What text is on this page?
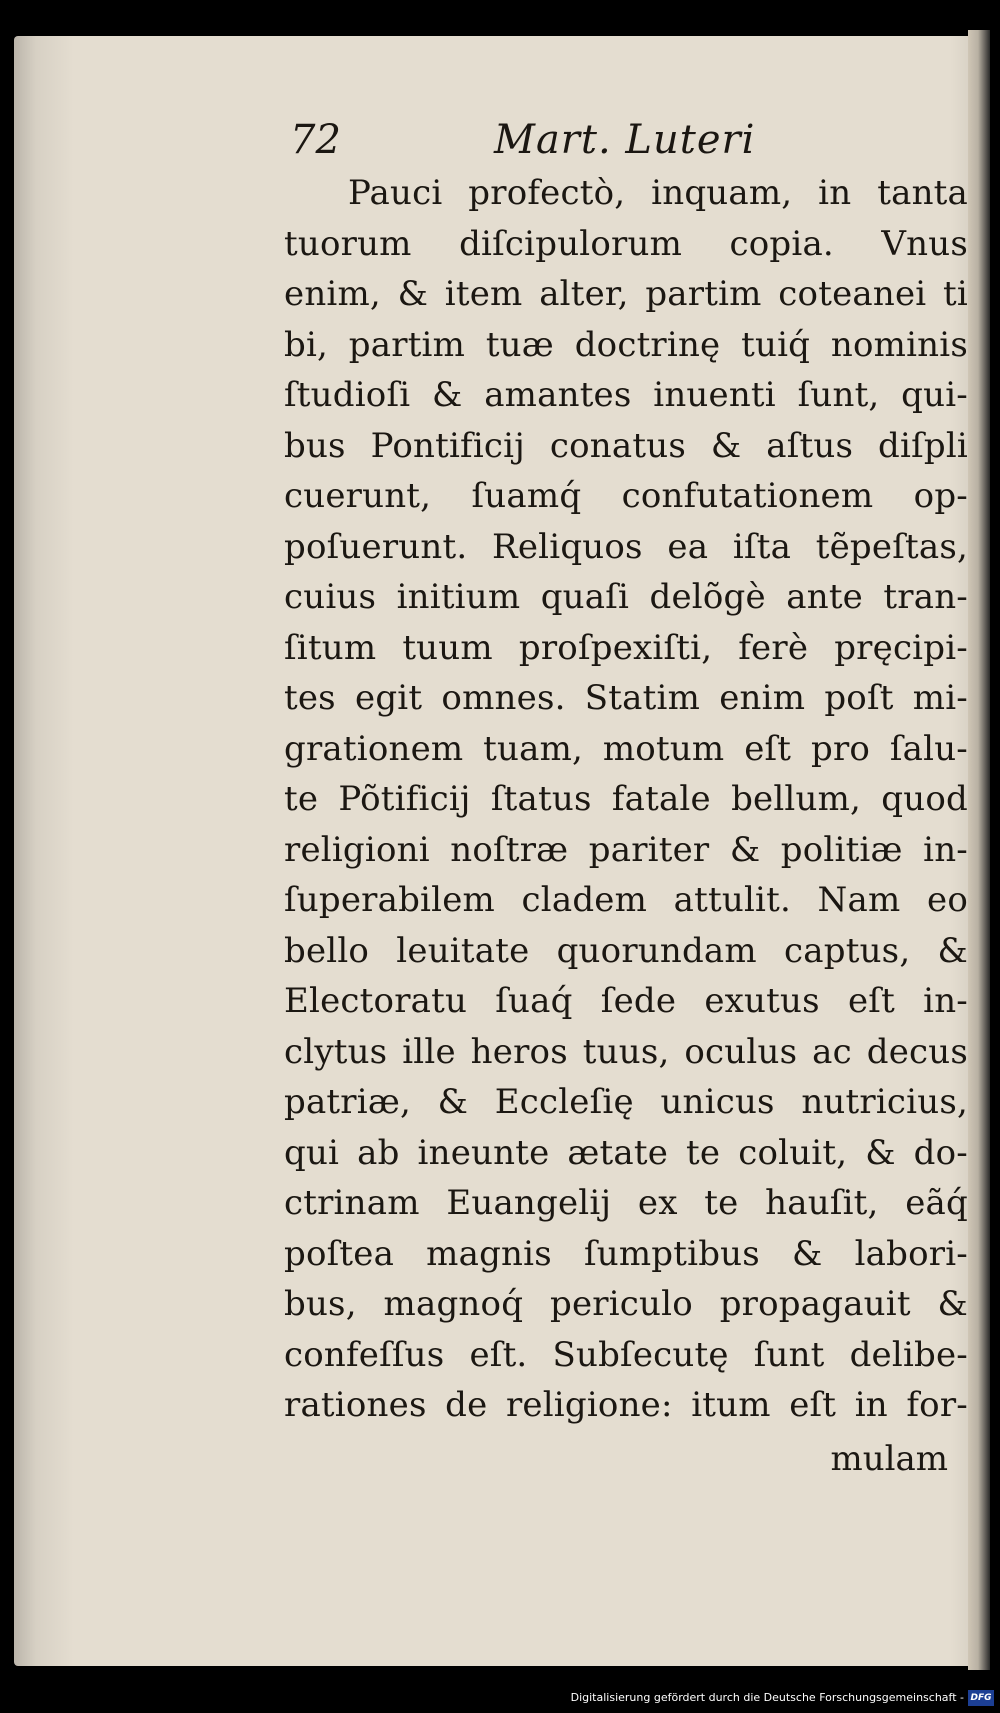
72	Mart. Luteri
Pauci profectò, inquam, in tanta
tuorum diſcipulorum copia. Vnus
enim, & item alter, partim coteanei ti
bi, partim tuæ doctrinę tuiq́ nominis
ſtudioſi & amantes inuenti ſunt, qui-
bus Pontificij conatus & aſtus diſpli
cuerunt, ſuamq́ confutationem op-
poſuerunt. Reliquos ea iſta tẽpeſtas,
cuius initium quaſi delõgè ante tran-
ſitum tuum proſpexiſti, ferè pręcipi-
tes egit omnes. Statim enim poſt mi-
grationem tuam, motum eſt pro ſalu-
te Põtificij ſtatus fatale bellum, quod
religioni noſtræ pariter & politiæ in-
ſuperabilem cladem attulit. Nam eo
bello leuitate quorundam captus, &
Electoratu ſuaq́ ſede exutus eſt in-
clytus ille heros tuus, oculus ac decus
patriæ, & Eccleſię unicus nutricius,
qui ab ineunte ætate te coluit, & do-
ctrinam Euangelij ex te hauſit, eãq́
poſtea magnis ſumptibus & labori-
bus, magnoq́ periculo propagauit &
confeſſus eſt. Subſecutę ſunt delibe-
rationes de religione: itum eſt in for-
mulam
Digitalisierung gefördert durch die Deutsche Forschungsgemeinschaft - DFG
